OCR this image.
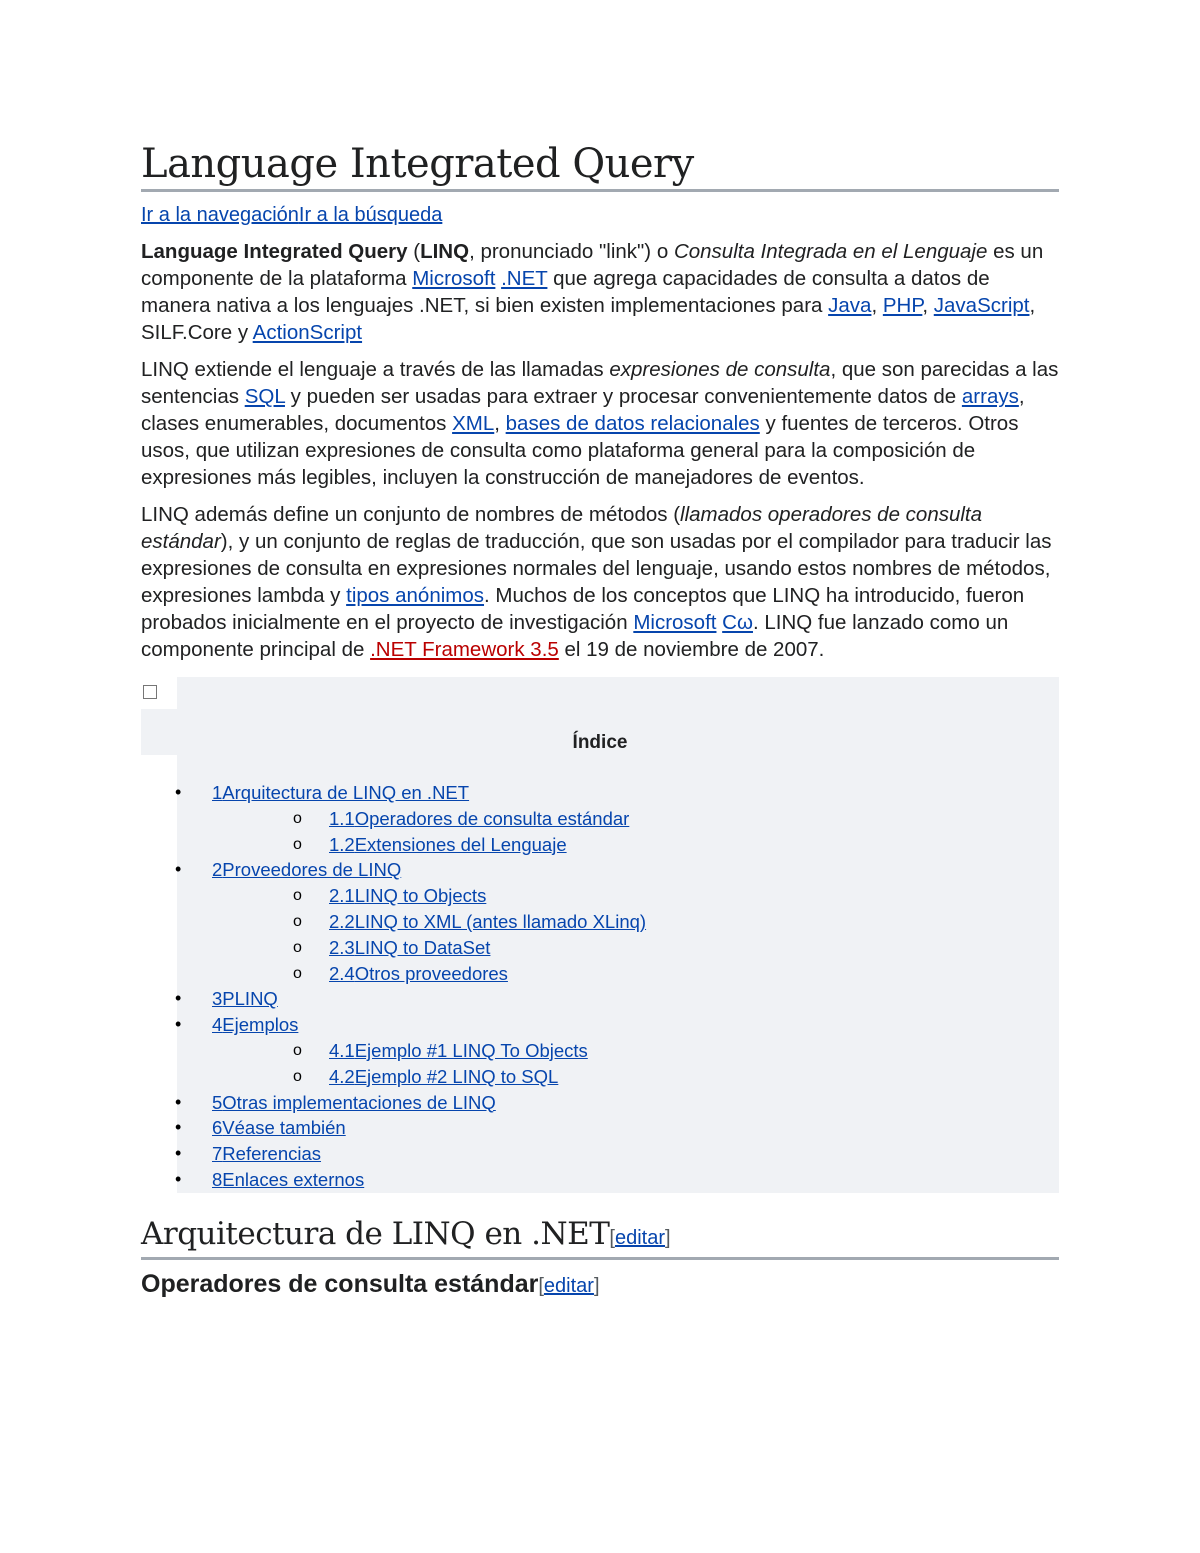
Language Integrated Query
Ir a la navegaciónIr a la búsqueda

Language Integrated Query (LINQ, pronunciado "link") o Consulta Integrada en el Lenguaje es un componente de la plataforma Microsoft .NET que agrega capacidades de consulta a datos de manera nativa a los lenguajes .NET, si bien existen implementaciones para Java, PHP, JavaScript, SILF.Core y ActionScript

LINQ extiende el lenguaje a través de las llamadas expresiones de consulta, que son parecidas a las sentencias SQL y pueden ser usadas para extraer y procesar convenientemente datos de arrays, clases enumerables, documentos XML, bases de datos relacionales y fuentes de terceros. Otros usos, que utilizan expresiones de consulta como plataforma general para la composición de expresiones más legibles, incluyen la construcción de manejadores de eventos.

LINQ además define un conjunto de nombres de métodos (llamados operadores de consulta estándar), y un conjunto de reglas de traducción, que son usadas por el compilador para traducir las expresiones de consulta en expresiones normales del lenguaje, usando estos nombres de métodos, expresiones lambda y tipos anónimos. Muchos de los conceptos que LINQ ha introducido, fueron probados inicialmente en el proyecto de investigación Microsoft Cω. LINQ fue lanzado como un componente principal de .NET Framework 3.5 el 19 de noviembre de 2007.

Índice
• 1Arquitectura de LINQ en .NET
o 1.1Operadores de consulta estándar
o 1.2Extensiones del Lenguaje
• 2Proveedores de LINQ
o 2.1LINQ to Objects
o 2.2LINQ to XML (antes llamado XLinq)
o 2.3LINQ to DataSet
o 2.4Otros proveedores
• 3PLINQ
• 4Ejemplos
o 4.1Ejemplo #1 LINQ To Objects
o 4.2Ejemplo #2 LINQ to SQL
• 5Otras implementaciones de LINQ
• 6Véase también
• 7Referencias
• 8Enlaces externos
Arquitectura de LINQ en .NET[editar]
Operadores de consulta estándar[editar]
